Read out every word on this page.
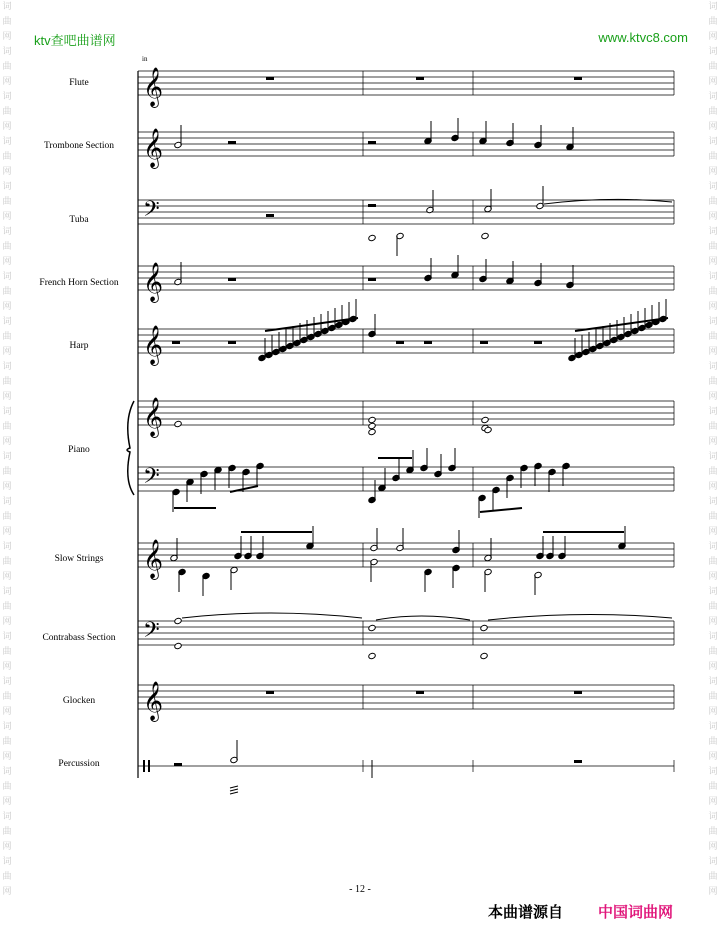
ktv查吧曲谱网	www.ktvc8.com
词曲网词曲网词曲网词曲网词曲网词曲网词曲网词曲网词曲网词曲网词曲网词曲网词曲网词曲网词曲网词曲网词曲网词曲网词曲网词曲网
词曲网词曲网词曲网词曲网词曲网词曲网词曲网词曲网词曲网词曲网词曲网词曲网词曲网词曲网词曲网词曲网词曲网词曲网词曲网词曲网
in
Flute
Trombone Section
Tuba
French Horn Section
Harp
Piano
Slow Strings
Contrabass Section
Glocken
Percussion
𝄞
𝄞
𝄢
𝄞
𝄞
𝄞
𝄢
𝄞
𝄢
𝄞
- 12 -
本曲谱源自 中国词曲网
